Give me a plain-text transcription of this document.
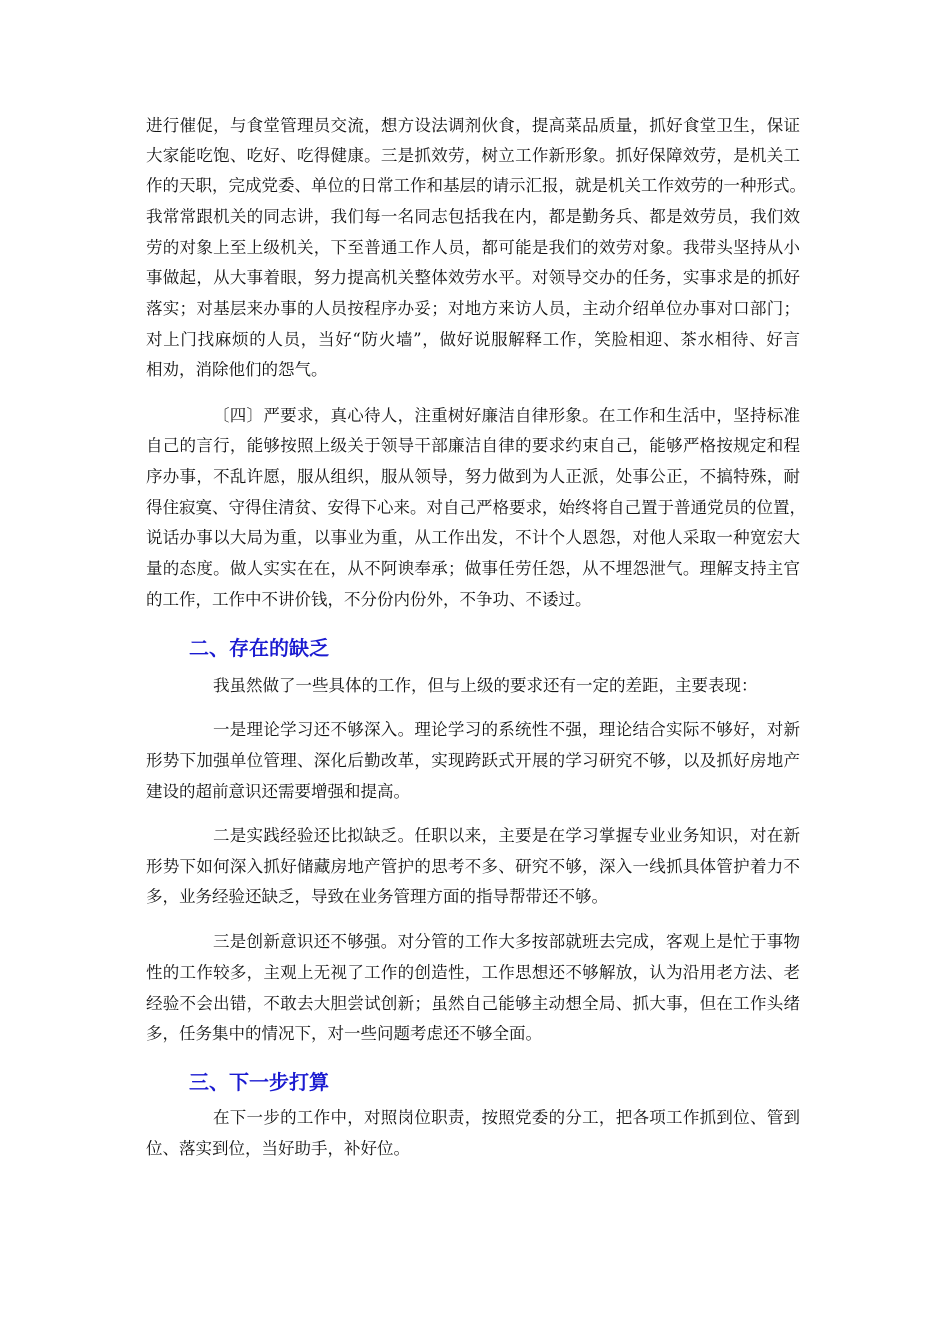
进行催促，与食堂管理员交流，想方设法调剂伙食，提高菜品质量，抓好食堂卫生，保证
大家能吃饱、吃好、吃得健康。三是抓效劳，树立工作新形象。抓好保障效劳，是机关工
作的天职，完成党委、单位的日常工作和基层的请示汇报，就是机关工作效劳的一种形式。
我常常跟机关的同志讲，我们每一名同志包括我在内，都是勤务兵、都是效劳员，我们效
劳的对象上至上级机关，下至普通工作人员，都可能是我们的效劳对象。我带头坚持从小
事做起，从大事着眼，努力提高机关整体效劳水平。对领导交办的任务，实事求是的抓好
落实；对基层来办事的人员按程序办妥；对地方来访人员，主动介绍单位办事对口部门；
对上门找麻烦的人员，当好“防火墙”，做好说服解释工作，笑脸相迎、茶水相待、好言
相劝，消除他们的怨气。
〔四〕严要求，真心待人，注重树好廉洁自律形象。在工作和生活中，坚持标准
自己的言行，能够按照上级关于领导干部廉洁自律的要求约束自己，能够严格按规定和程
序办事，不乱许愿，服从组织，服从领导，努力做到为人正派，处事公正，不搞特殊，耐
得住寂寞、守得住清贫、安得下心来。对自己严格要求，始终将自己置于普通党员的位置，
说话办事以大局为重，以事业为重，从工作出发，不计个人恩怨，对他人采取一种宽宏大
量的态度。做人实实在在，从不阿谀奉承；做事任劳任怨，从不埋怨泄气。理解支持主官
的工作，工作中不讲价钱，不分份内份外，不争功、不诿过。
我虽然做了一些具体的工作，但与上级的要求还有一定的差距，主要表现：
一是理论学习还不够深入。理论学习的系统性不强，理论结合实际不够好，对新
形势下加强单位管理、深化后勤改革，实现跨跃式开展的学习研究不够，以及抓好房地产
建设的超前意识还需要增强和提高。
二是实践经验还比拟缺乏。任职以来，主要是在学习掌握专业业务知识，对在新
形势下如何深入抓好储藏房地产管护的思考不多、研究不够，深入一线抓具体管护着力不
多，业务经验还缺乏，导致在业务管理方面的指导帮带还不够。
三是创新意识还不够强。对分管的工作大多按部就班去完成，客观上是忙于事物
性的工作较多，主观上无视了工作的创造性，工作思想还不够解放，认为沿用老方法、老
经验不会出错，不敢去大胆尝试创新；虽然自己能够主动想全局、抓大事，但在工作头绪
多，任务集中的情况下，对一些问题考虑还不够全面。
在下一步的工作中，对照岗位职责，按照党委的分工，把各项工作抓到位、管到
位、落实到位，当好助手，补好位。
二、存在的缺乏
三、下一步打算
